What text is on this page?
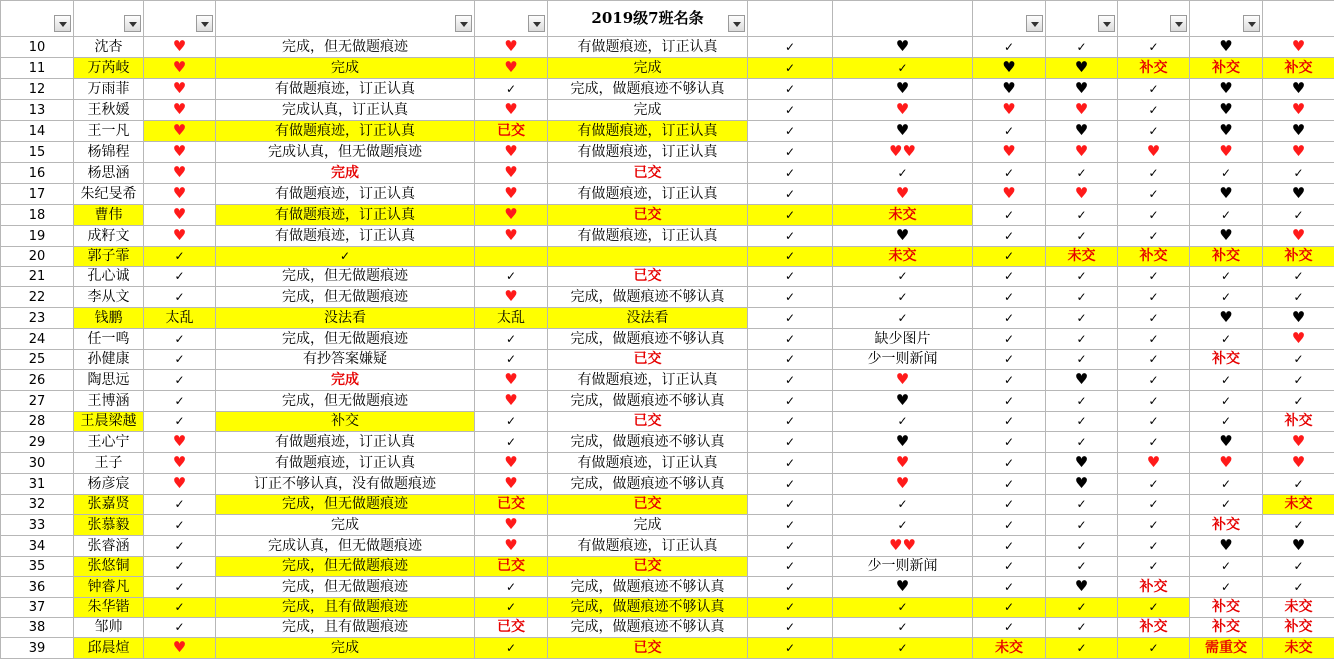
	2019级7班名条

10	沈杏	♥	完成，但无做题痕迹	♥	有做题痕迹，订正认真	✓	♥	✓	✓	✓	♥	♥
11	万芮岐	♥	完成	♥	完成	✓	✓	♥	♥	补交	补交	补交
12	万雨菲	♥	有做题痕迹，订正认真	✓	完成，做题痕迹不够认真	✓	♥	♥	♥	✓	♥	♥
13	王秋媛	♥	完成认真，订正认真	♥	完成	✓	♥	♥	♥	✓	♥	♥
14	王一凡	♥	有做题痕迹，订正认真	已交	有做题痕迹，订正认真	✓	♥	✓	♥	✓	♥	♥
15	杨锦程	♥	完成认真，但无做题痕迹	♥	有做题痕迹，订正认真	✓	♥♥	♥	♥	♥	♥	♥
16	杨思涵	♥	完成	♥	已交	✓	✓	✓	✓	✓	✓	✓
17	朱纪旻希	♥	有做题痕迹，订正认真	♥	有做题痕迹，订正认真	✓	♥	♥	♥	✓	♥	♥
18	曹伟	♥	有做题痕迹，订正认真	♥	已交	✓	未交	✓	✓	✓	✓	✓
19	成籽文	♥	有做题痕迹，订正认真	♥	有做题痕迹，订正认真	✓	♥	✓	✓	✓	♥	♥
20	郭子霏	✓	✓			✓	未交	✓	未交	补交	补交	补交
21	孔心诚	✓	完成，但无做题痕迹	✓	已交	✓	✓	✓	✓	✓	✓	✓
22	李从文	✓	完成，但无做题痕迹	♥	完成，做题痕迹不够认真	✓	✓	✓	✓	✓	✓	✓
23	钱鹏	太乱	没法看	太乱	没法看	✓	✓	✓	✓	✓	♥	♥
24	任一鸣	✓	完成，但无做题痕迹	✓	完成，做题痕迹不够认真	✓	缺少图片	✓	✓	✓	✓	♥
25	孙健康	✓	有抄答案嫌疑	✓	已交	✓	少一则新闻	✓	✓	✓	补交	✓
26	陶思远	✓	完成	♥	有做题痕迹，订正认真	✓	♥	✓	♥	✓	✓	✓
27	王博涵	✓	完成，但无做题痕迹	♥	完成，做题痕迹不够认真	✓	♥	✓	✓	✓	✓	✓
28	王晨梁越	✓	补交	✓	已交	✓	✓	✓	✓	✓	✓	补交
29	王心宁	♥	有做题痕迹，订正认真	✓	完成，做题痕迹不够认真	✓	♥	✓	✓	✓	♥	♥
30	王子	♥	有做题痕迹，订正认真	♥	有做题痕迹，订正认真	✓	♥	✓	♥	♥	♥	♥
31	杨彦宸	♥	订正不够认真，没有做题痕迹	♥	完成，做题痕迹不够认真	✓	♥	✓	♥	✓	✓	✓
32	张嘉贤	✓	完成，但无做题痕迹	已交	已交	✓	✓	✓	✓	✓	✓	未交
33	张慕毅	✓	完成	♥	完成	✓	✓	✓	✓	✓	补交	✓
34	张睿涵	✓	完成认真，但无做题痕迹	♥	有做题痕迹，订正认真	✓	♥♥	✓	✓	✓	♥	♥
35	张悠铜	✓	完成，但无做题痕迹	已交	已交	✓	少一则新闻	✓	✓	✓	✓	✓
36	钟睿凡	✓	完成，但无做题痕迹	✓	完成，做题痕迹不够认真	✓	♥	✓	♥	补交	✓	✓
37	朱华锴	✓	完成，且有做题痕迹	✓	完成，做题痕迹不够认真	✓	✓	✓	✓	✓	补交	未交
38	邹帅	✓	完成，且有做题痕迹	已交	完成，做题痕迹不够认真	✓	✓	✓	✓	补交	补交	补交
39	邱晨煊	♥	完成	✓	已交	✓	✓	未交	✓	✓	需重交	未交
